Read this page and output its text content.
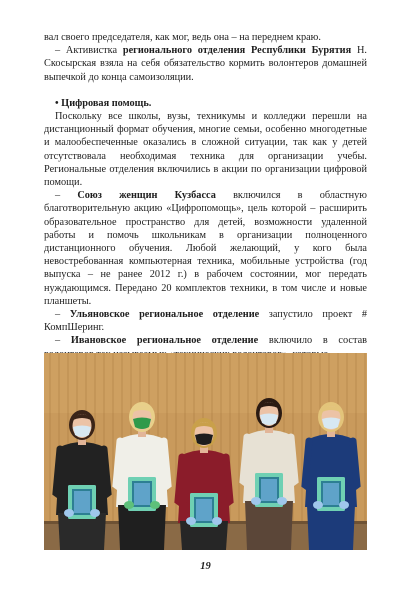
вал своего председателя, как мог, ведь она – на переднем краю.

– Активистка регионального отделения Республики Бурятия Н. Скосырская взяла на себя обязательство кормить волонтеров домашней выпечкой до конца самоизоляции.

• Цифровая помощь.

Поскольку все школы, вузы, техникумы и колледжи перешли на дистанционный формат обучения, многие семьи, особенно многодетные и малообеспеченные оказались в сложной ситуации, так как у детей отсутствовала необходимая техника для организации учебы. Региональные отделения включились в акции по организации цифровой помощи.

– Союз женщин Кузбасса включился в областную благотворительную акцию «Цифропомощь», цель которой – расширить образовательное пространство для детей, возможности удаленной работы и помочь школьникам в организации полноценного дистанционного обучения. Любой желающий, у кого была невостребованная компьютерная техника, мобильные устройства (год выпуска – не ранее 2012 г.) в рабочем состоянии, мог передать нуждающимся. Передано 20 комплектов техники, в том числе и новые планшеты.

– Ульяновское региональное отделение запустило проект # КомпШеринг.

– Ивановское региональное отделение включило в состав

19
